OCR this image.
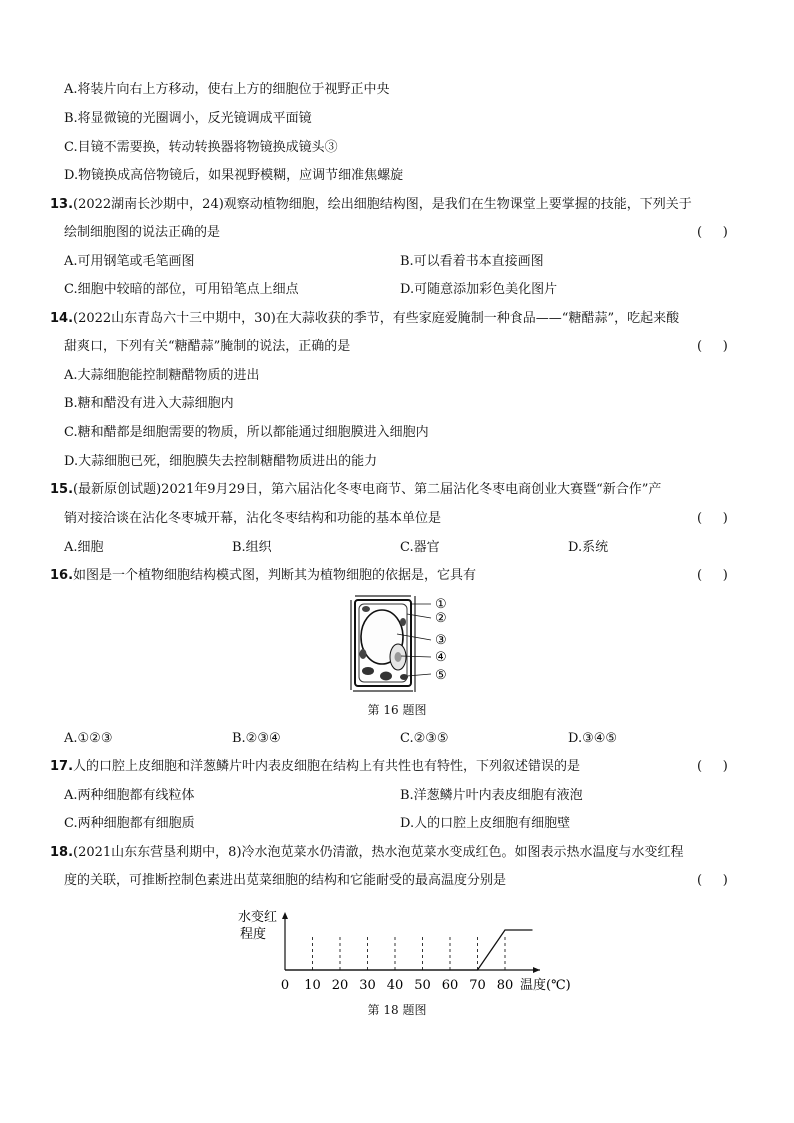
A.将装片向右上方移动，使右上方的细胞位于视野正中央
B.将显微镜的光圈调小，反光镜调成平面镜
C.目镜不需要换，转动转换器将物镜换成镜头③
D.物镜换成高倍物镜后，如果视野模糊，应调节细准焦螺旋
13.(2022湖南长沙期中，24)观察动植物细胞，绘出细胞结构图，是我们在生物课堂上要掌握的技能，下列关于
绘制细胞图的说法正确的是	(     )
A.可用钢笔或毛笔画图	B.可以看着书本直接画图
C.细胞中较暗的部位，可用铅笔点上细点	D.可随意添加彩色美化图片
14.(2022山东青岛六十三中期中，30)在大蒜收获的季节，有些家庭爱腌制一种食品——“糖醋蒜”，吃起来酸
甜爽口，下列有关“糖醋蒜”腌制的说法，正确的是	(     )
A.大蒜细胞能控制糖醋物质的进出
B.糖和醋没有进入大蒜细胞内
C.糖和醋都是细胞需要的物质，所以都能通过细胞膜进入细胞内
D.大蒜细胞已死，细胞膜失去控制糖醋物质进出的能力
15.(最新原创试题)2021年9月29日，第六届沾化冬枣电商节、第二届沾化冬枣电商创业大赛暨“新合作”产
销对接洽谈在沾化冬枣城开幕，沾化冬枣结构和功能的基本单位是	(     )
A.细胞	B.组织	C.器官	D.系统
16.如图是一个植物细胞结构模式图，判断其为植物细胞的依据是，它具有	(     )
①
②
③
④
⑤
第 16 题图
A.①②③	B.②③④	C.②③⑤	D.③④⑤
17.人的口腔上皮细胞和洋葱鳞片叶内表皮细胞在结构上有共性也有特性，下列叙述错误的是	(     )
A.两种细胞都有线粒体	B.洋葱鳞片叶内表皮细胞有液泡
C.两种细胞都有细胞质	D.人的口腔上皮细胞有细胞壁
18.(2021山东东营垦利期中，8)冷水泡苋菜水仍清澈，热水泡苋菜水变成红色。如图表示热水温度与水变红程
度的关联，可推断控制色素进出苋菜细胞的结构和它能耐受的最高温度分别是	(     )
水变红
程度
0 10 20 30 40 50 60 70 80 温度(℃)
第 18 题图
